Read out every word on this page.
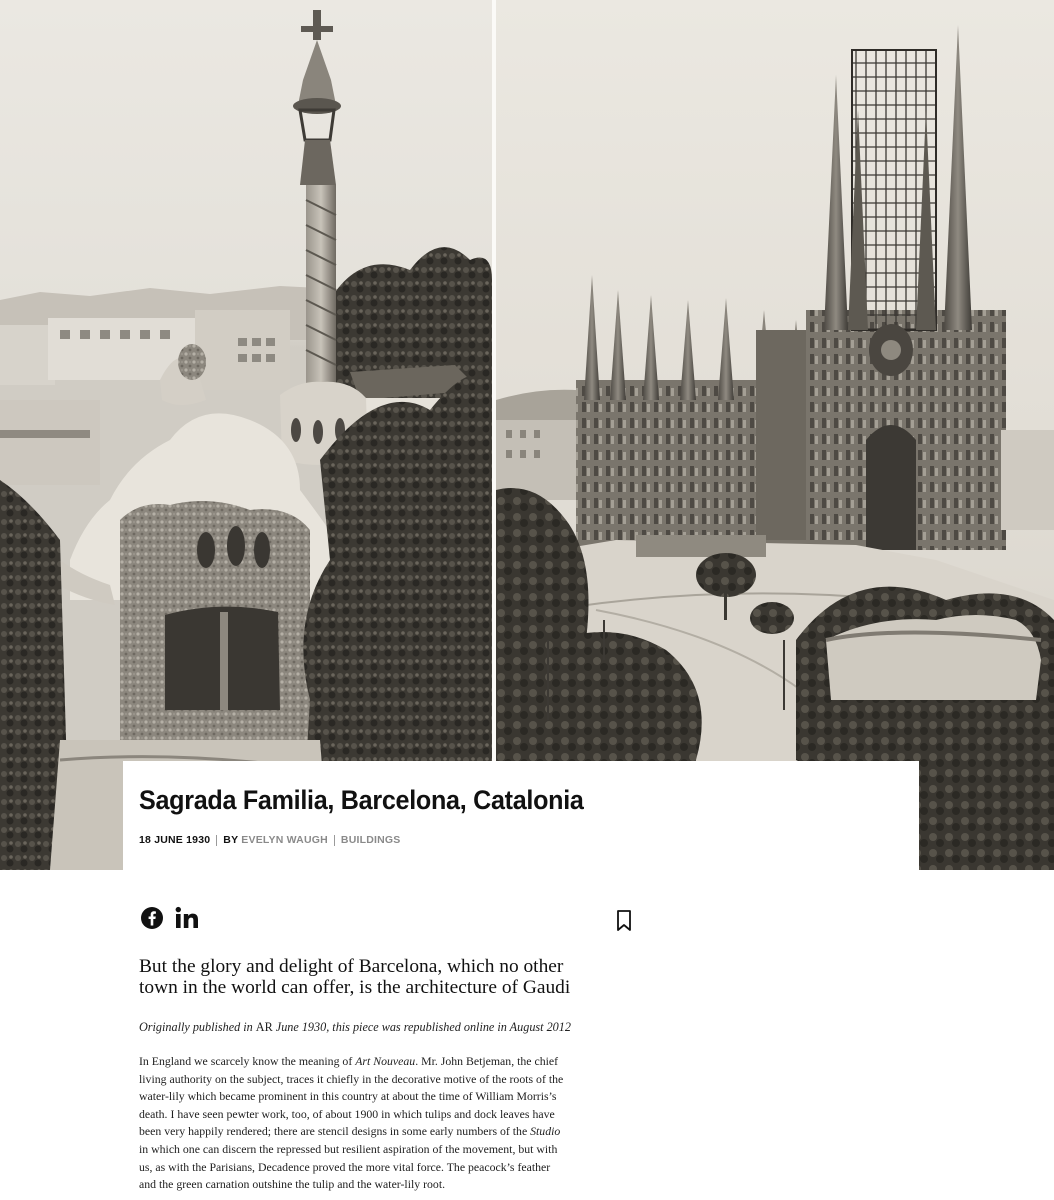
Sagrada Familia, Barcelona, Catalonia
18 JUNE 1930 BY EVELYN WAUGH BUILDINGS

But the glory and delight of Barcelona, which no other
town in the world can offer, is the architecture of Gaudi

Originally published in AR June 1930, this piece was republished online in August 2012

In England we scarcely know the meaning of Art Nouveau. Mr. John Betjeman, the chief
living authority on the subject, traces it chiefly in the decorative motive of the roots of the
water-lily which became prominent in this country at about the time of William Morris’s
death. I have seen pewter work, too, of about 1900 in which tulips and dock leaves have
been very happily rendered; there are stencil designs in some early numbers of the Studio
in which one can discern the repressed but resilient aspiration of the movement, but with
us, as with the Parisians, Decadence proved the more vital force. The peacock’s feather
and the green carnation outshine the tulip and the water-lily root.
